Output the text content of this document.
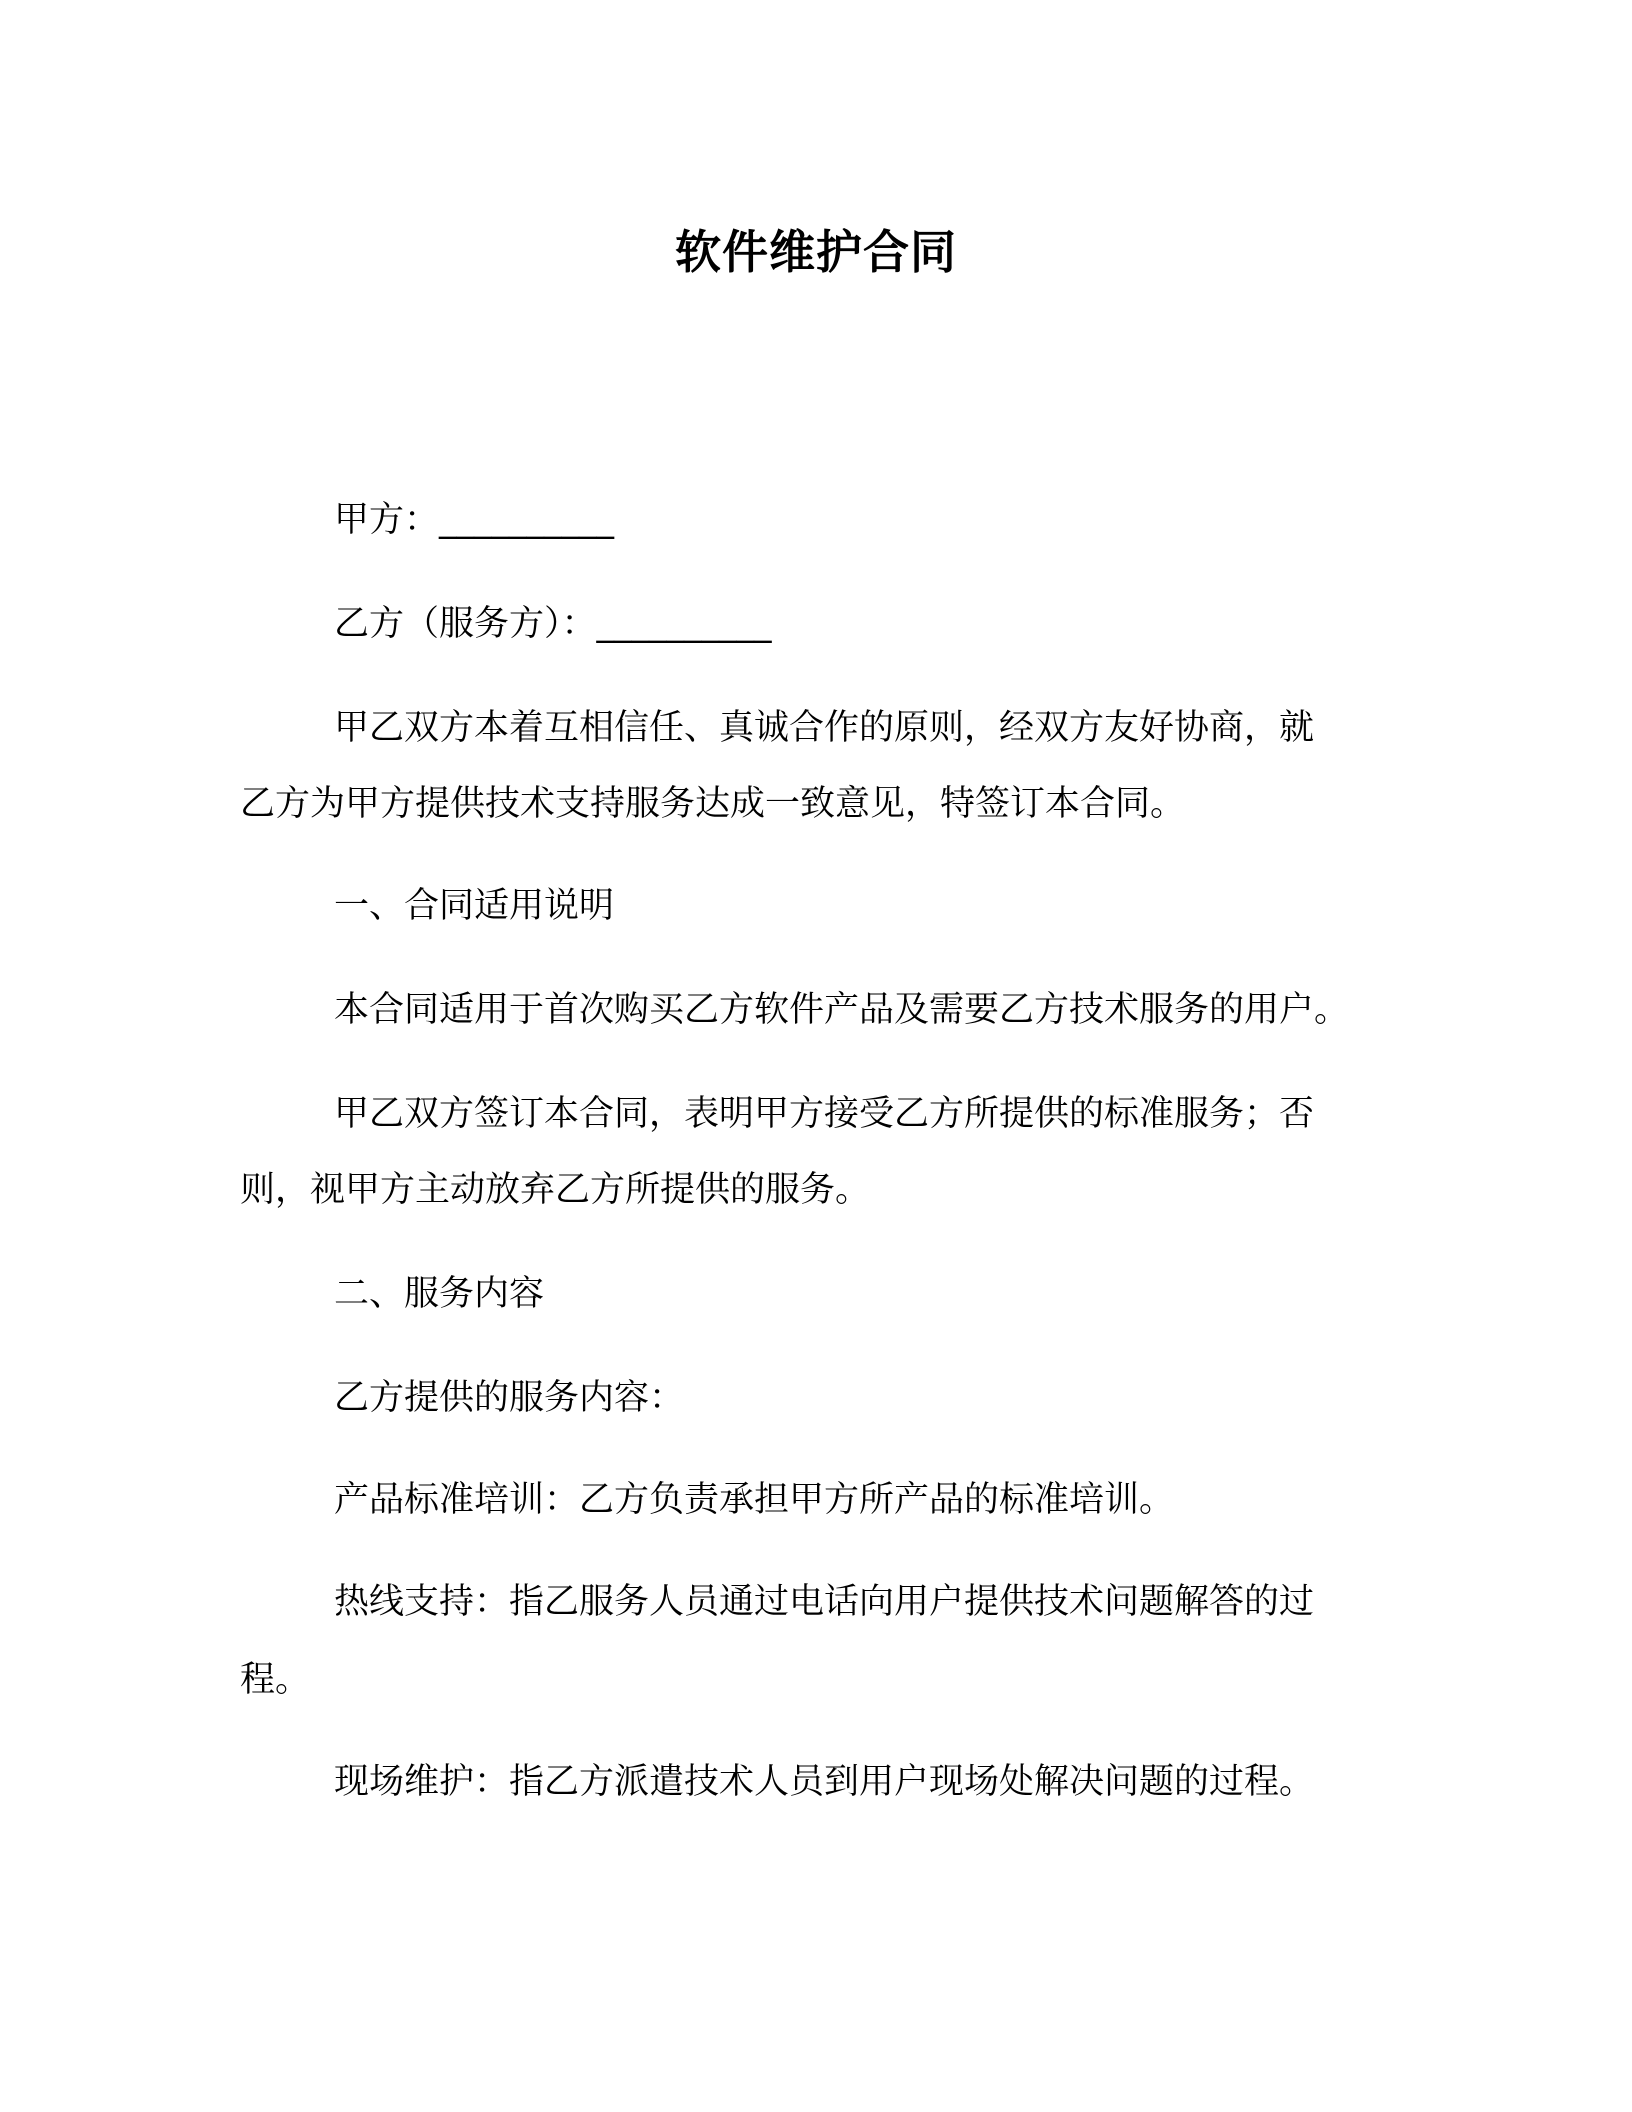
软件维护合同

甲方：__________

乙方（服务方）：__________

甲乙双方本着互相信任、真诚合作的原则，经双方友好协商，就

乙方为甲方提供技术支持服务达成一致意见，特签订本合同。

一、合同适用说明

本合同适用于首次购买乙方软件产品及需要乙方技术服务的用户。

甲乙双方签订本合同，表明甲方接受乙方所提供的标准服务；否

则，视甲方主动放弃乙方所提供的服务。

二、服务内容

乙方提供的服务内容：

产品标准培训：乙方负责承担甲方所产品的标准培训。

热线支持：指乙服务人员通过电话向用户提供技术问题解答的过

程。

现场维护：指乙方派遣技术人员到用户现场处解决问题的过程。
